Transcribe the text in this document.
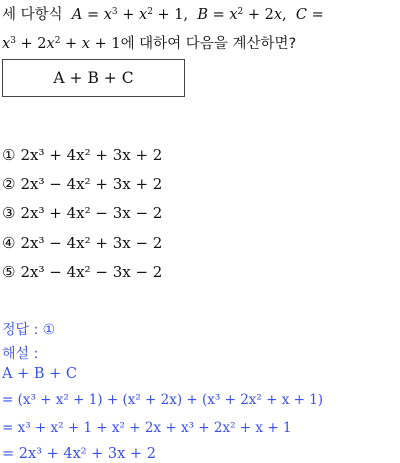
세 다항식 $A = x^3 + x^2 + 1$,  $B = x^2 + 2x$,  C =
$x^3 + 2x^2 + x + 1$에 대하여 다음을 계산하면?
A + B + C
① 2x³ + 4x² + 3x + 2
② 2x³ − 4x² + 3x + 2
③ 2x³ + 4x² − 3x − 2
④ 2x³ − 4x² + 3x − 2
⑤ 2x³ − 4x² − 3x − 2
정답 : ①
해설 :
A + B + C
= (x³ + x² + 1) + (x² + 2x) + (x³ + 2x² + x + 1)
= x³ + x² + 1 + x² + 2x + x³ + 2x² + x + 1
= 2x³ + 4x² + 3x + 2
